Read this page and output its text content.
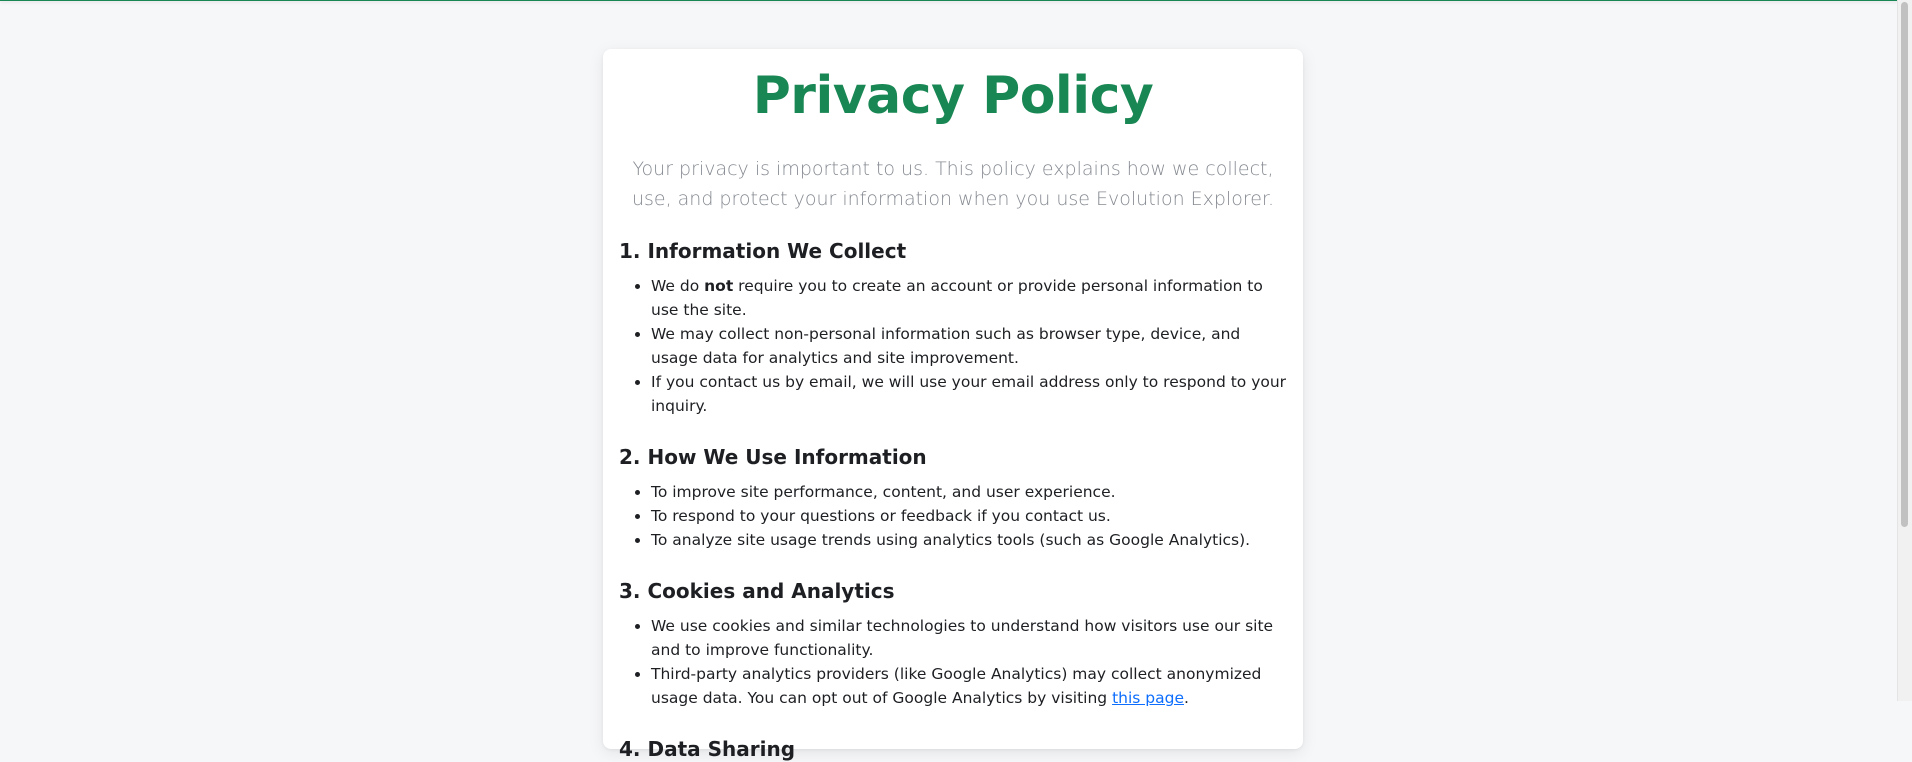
Privacy Policy

Your privacy is important to us. This policy explains how we collect, use, and protect your information when you use Evolution Explorer.

1. Information We Collect
• We do not require you to create an account or provide personal information to use the site.
• We may collect non-personal information such as browser type, device, and usage data for analytics and site improvement.
• If you contact us by email, we will use your email address only to respond to your inquiry.
2. How We Use Information
• To improve site performance, content, and user experience.
• To respond to your questions or feedback if you contact us.
• To analyze site usage trends using analytics tools (such as Google Analytics).
3. Cookies and Analytics
• We use cookies and similar technologies to understand how visitors use our site and to improve functionality.
• Third-party analytics providers (like Google Analytics) may collect anonymized usage data. You can opt out of Google Analytics by visiting this page.
4. Data Sharing
